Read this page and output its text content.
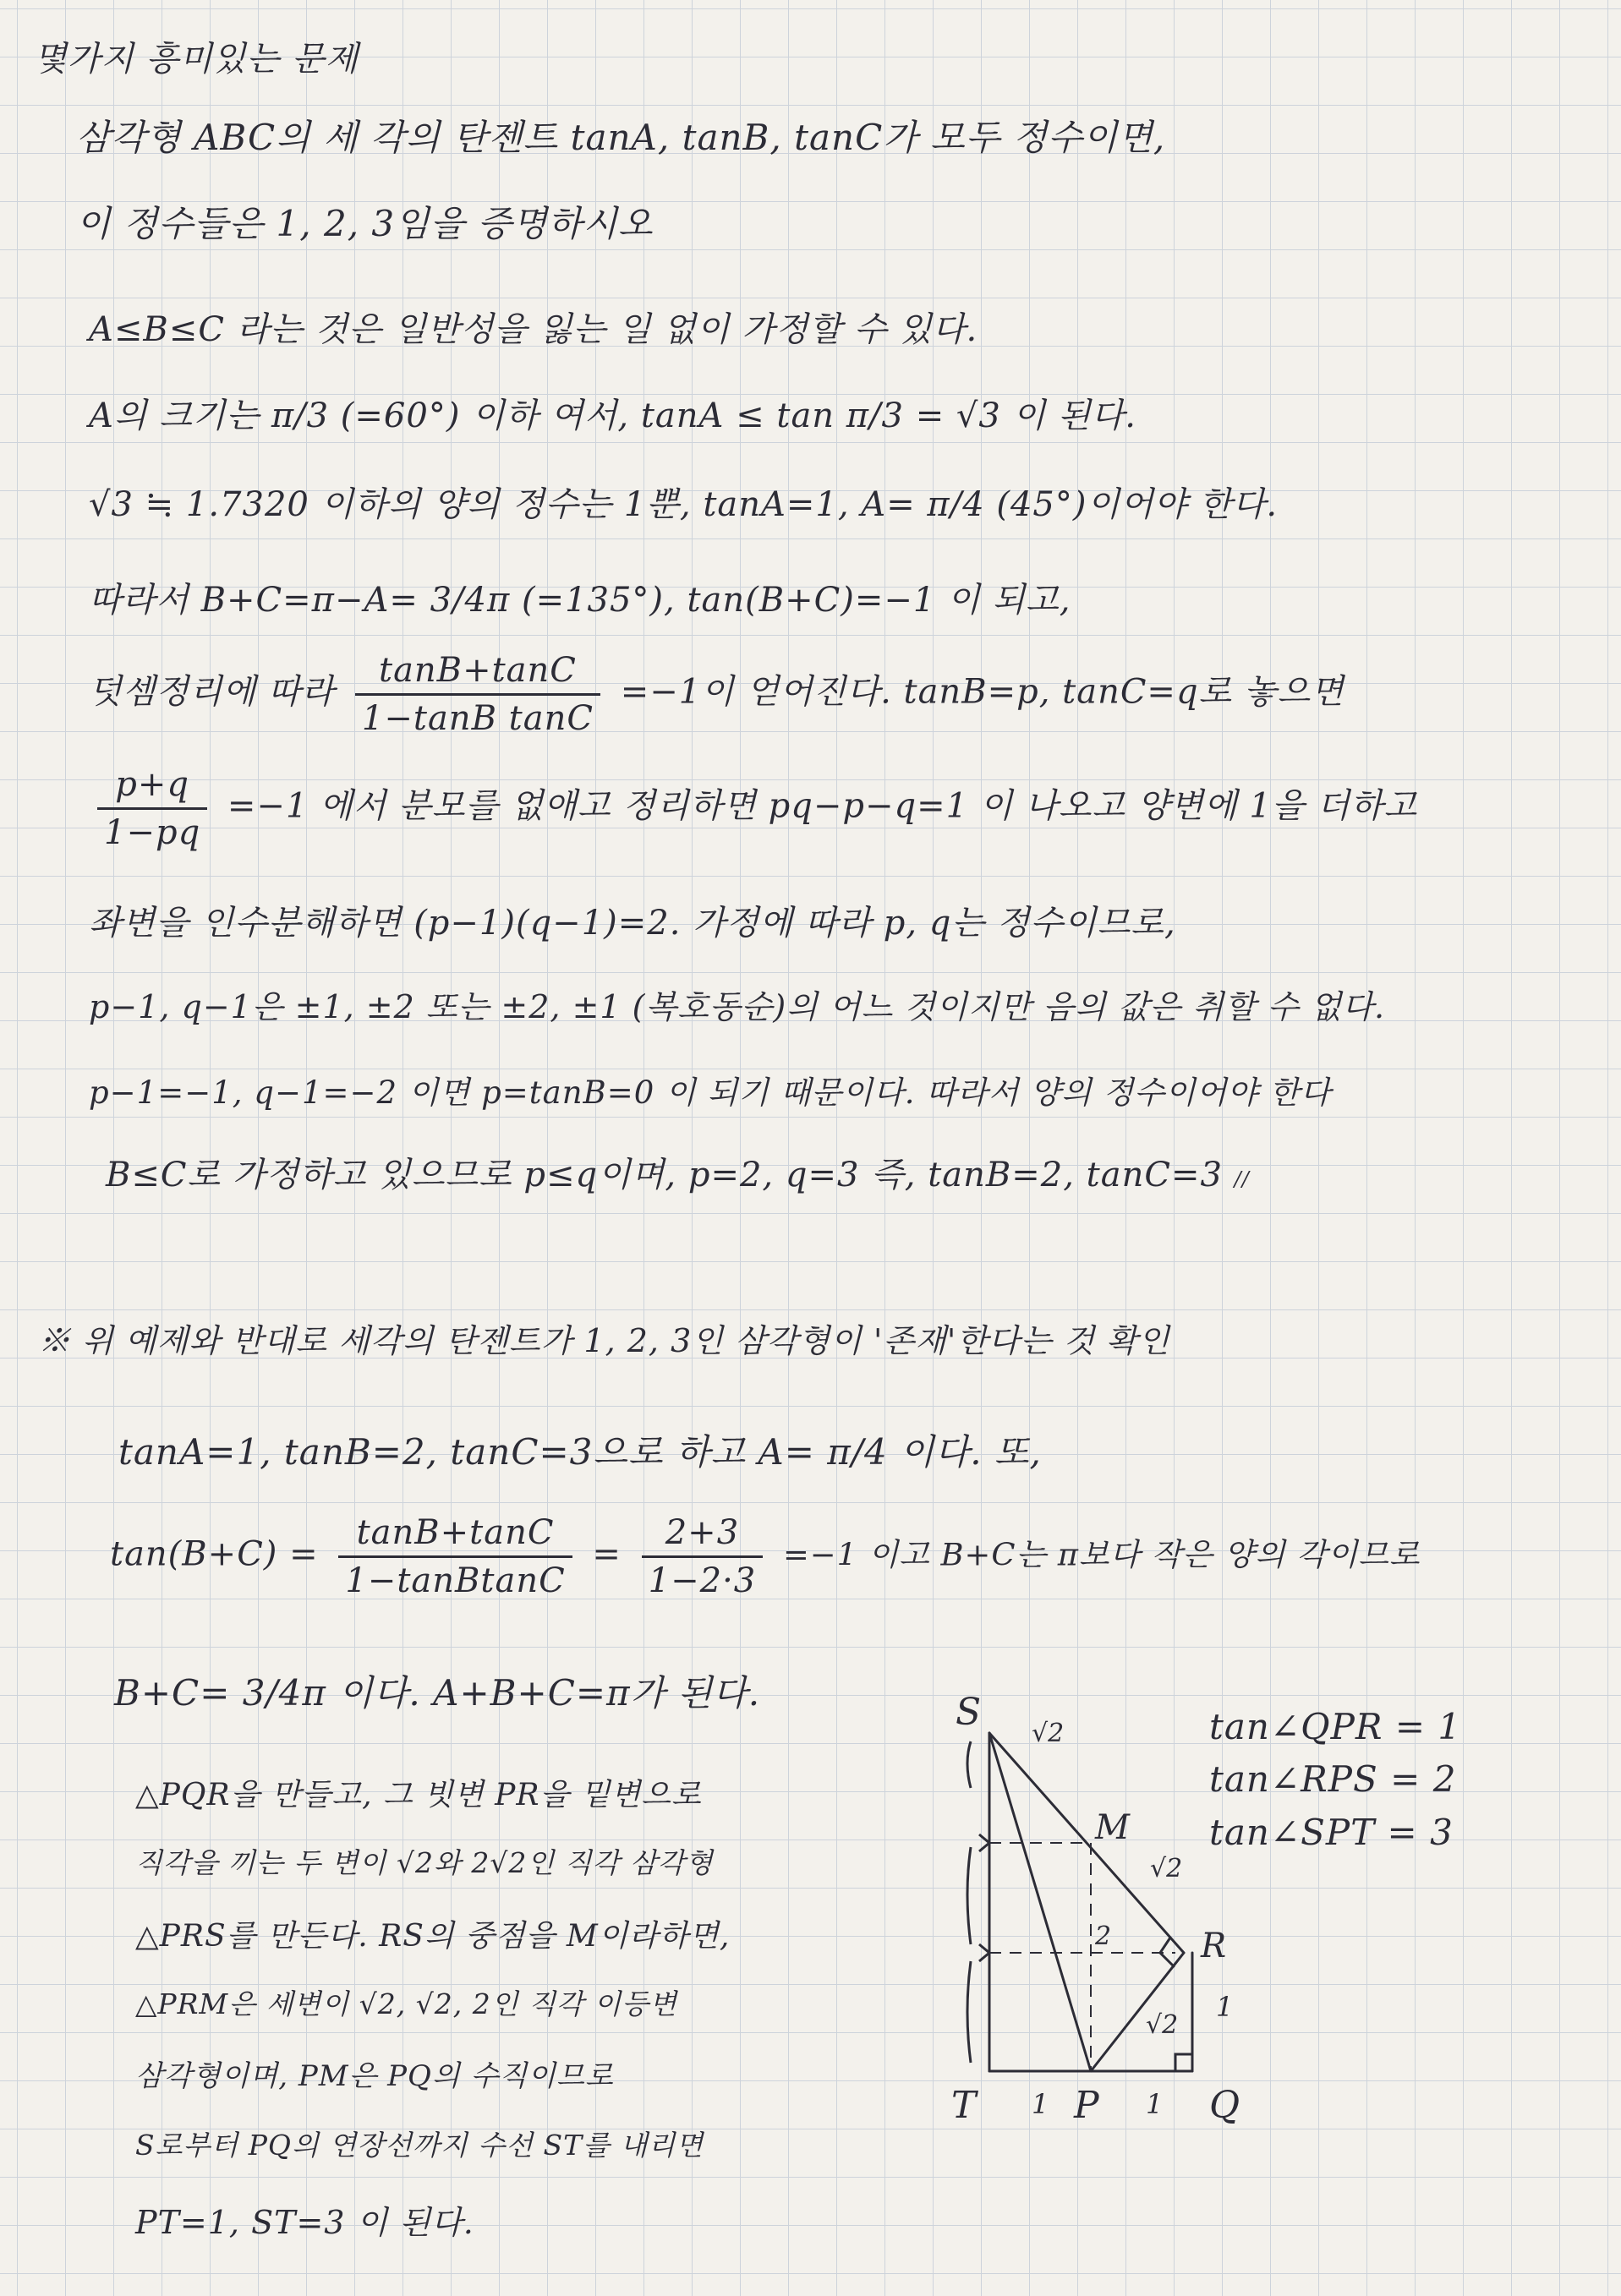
몇가지 흥미있는 문제
삼각형 ABC의 세 각의 탄젠트 tanA, tanB, tanC가 모두 정수이면,
이 정수들은 1, 2, 3임을 증명하시오
A≤B≤C 라는 것은 일반성을 잃는 일 없이 가정할 수 있다.
A의 크기는 π/3 (=60°) 이하 여서, tanA ≤ tan π/3 = √3 이 된다.
√3 ≒ 1.7320 이하의 양의 정수는 1뿐, tanA=1, A= π/4 (45°)이어야 한다.
따라서 B+C=π−A= 3/4π (=135°), tan(B+C)=−1 이 되고,
덧셈정리에 따라 $\frac{\tan B+\tan C}{\text{1−tanB tanC}} =-1$이 얻어진다. tanB=p, tanC=q로 놓으면
$\frac{p+q}{1-pq} =-1$ 에서 분모를 없애고 정리하면 pq−p−q=1 이 나오고 양변에 1을 더하고
좌변을 인수분해하면 (p−1)(q−1)=2. 가정에 따라 p, q는 정수이므로,
p−1, q−1은 ±1, ±2 또는 ±2, ±1 (복호동순)의 어느 것이지만 음의 값은 취할 수 없다.
p−1=−1, q−1=−2 이면 p=tanB=0 이 되기 때문이다. 따라서 양의 정수이어야 한다
B≤C로 가정하고 있으므로 p≤q이며, p=2, q=3 즉, tanB=2, tanC=3 //
※ 위 예제와 반대로 세각의 탄젠트가 1, 2, 3인 삼각형이 '존재'한다는 것 확인
tanA=1, tanB=2, tanC=3으로 하고 A= π/4 이다. 또,
$\tan(B+C) = \frac{\tan B+\tan C}{\text{1−tanBtanC}} = \frac{2+3}{1-2\cdot 3} =-1$ 이고 B+C는 π보다 작은 양의 각이므로
B+C= 3/4π 이다. A+B+C=π가 된다.
△PQR을 만들고, 그 빗변 PR을 밑변으로
직각을 끼는 두 변이 √2와 2√2인 직각 삼각형
△PRS를 만든다. RS의 중점을 M이라하면,
△PRM은 세변이 √2, √2, 2인 직각 이등변
삼각형이며, PM은 PQ의 수직이므로
S로부터 PQ의 연장선까지 수선 ST를 내리면
PT=1, ST=3 이 된다.
tan∠QPR = 1
tan∠RPS = 2
tan∠SPT = 3
S
M
R
T	P	Q
√2
√2
√2
2
1
1	1
